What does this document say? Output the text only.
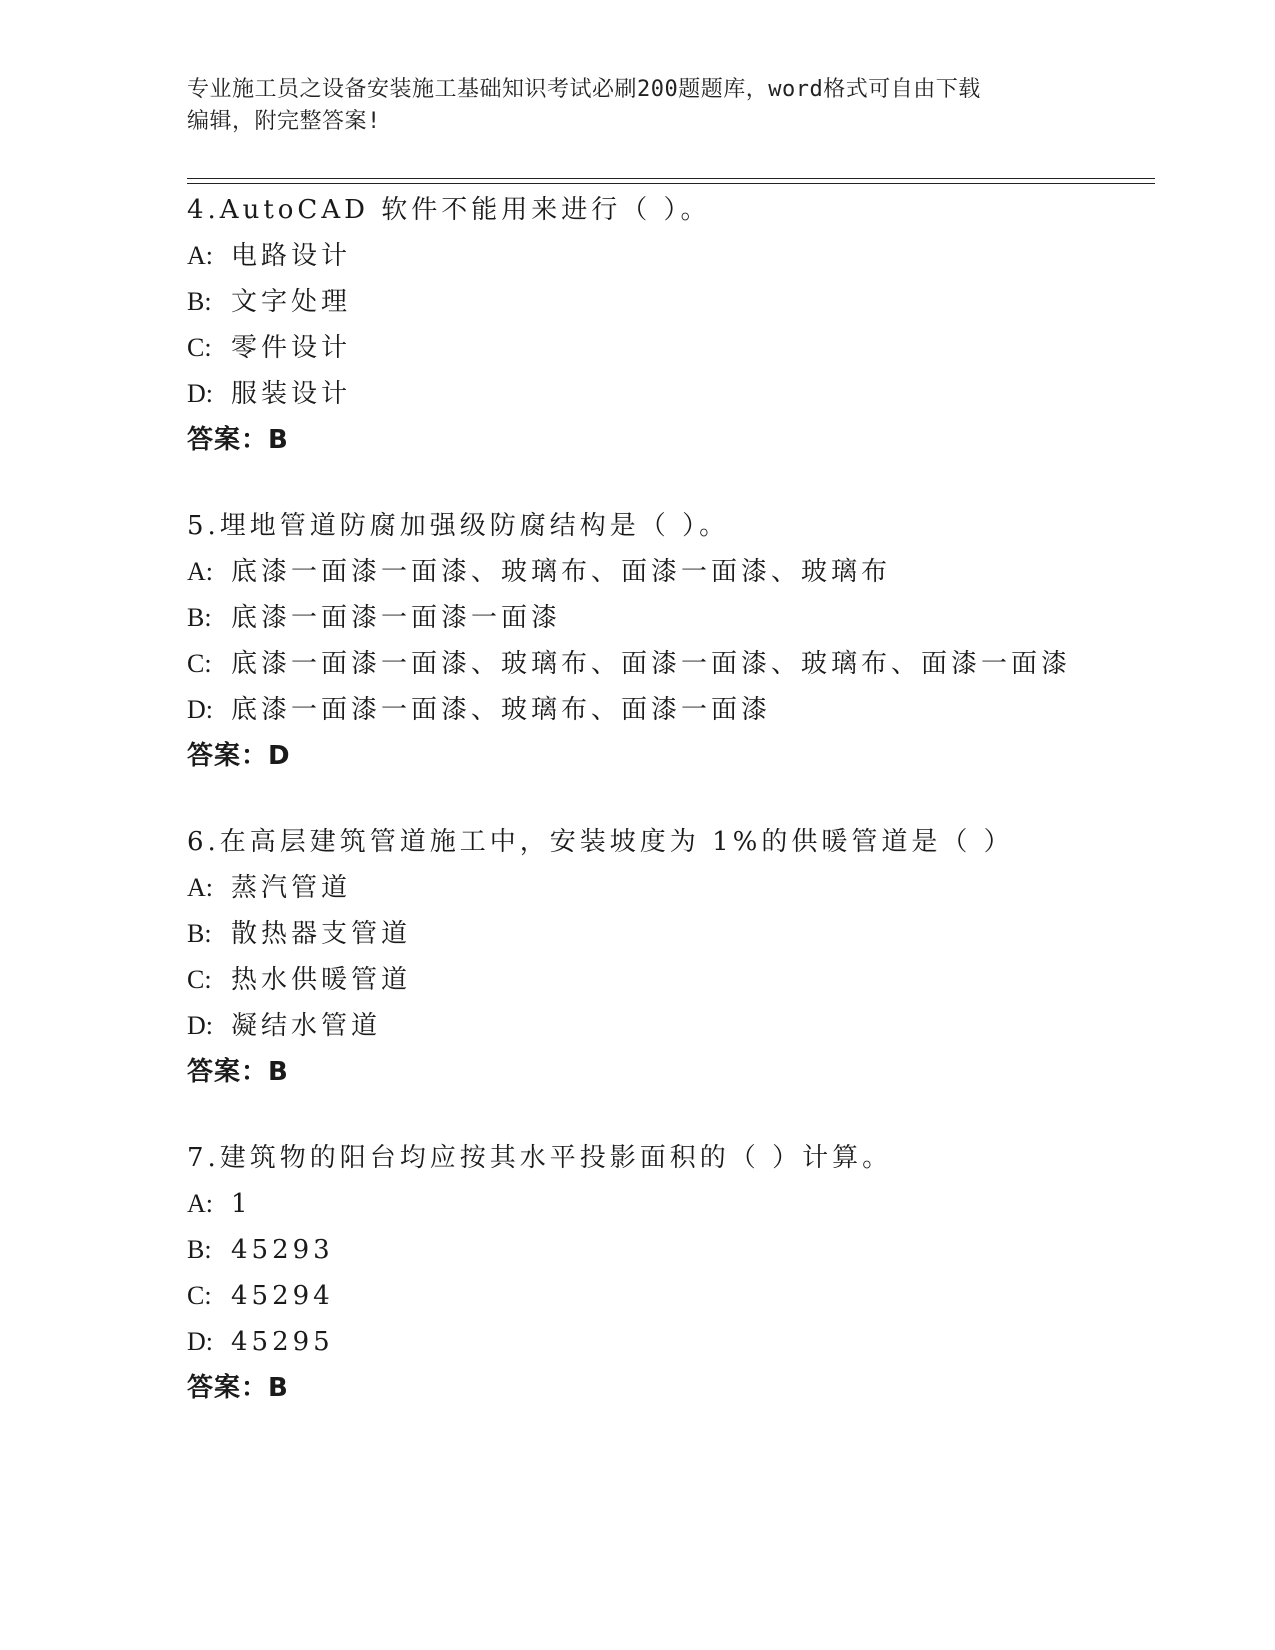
专业施工员之设备安装施工基础知识考试必刷200题题库，word格式可自由下载
编辑，附完整答案!
4.AutoCAD 软件不能用来进行（ ）。
A: 电路设计
B: 文字处理
C: 零件设计
D: 服装设计
答案：B
5.埋地管道防腐加强级防腐结构是（ ）。
A: 底漆一面漆一面漆、玻璃布、面漆一面漆、玻璃布
B: 底漆一面漆一面漆一面漆
C: 底漆一面漆一面漆、玻璃布、面漆一面漆、玻璃布、面漆一面漆
D: 底漆一面漆一面漆、玻璃布、面漆一面漆
答案：D
6.在高层建筑管道施工中，安装坡度为 1%的供暖管道是（ ）
A: 蒸汽管道
B: 散热器支管道
C: 热水供暖管道
D: 凝结水管道
答案：B
7.建筑物的阳台均应按其水平投影面积的（ ）计算。
A: 1
B: 45293
C: 45294
D: 45295
答案：B
